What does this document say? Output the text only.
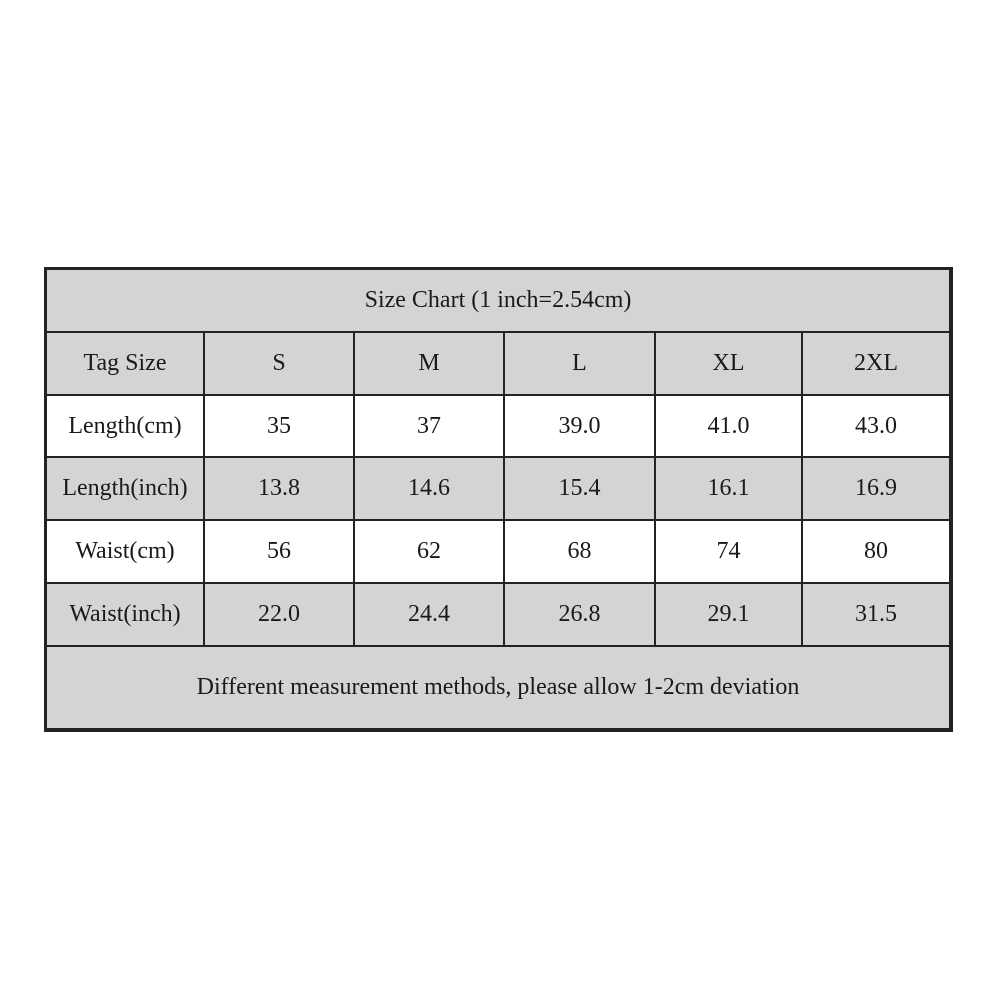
Size Chart (1 inch=2.54cm)					
Tag Size	S	M	L	XL	2XL
Length(cm)	35	37	39.0	41.0	43.0
Length(inch)	13.8	14.6	15.4	16.1	16.9
Waist(cm)	56	62	68	74	80
Waist(inch)	22.0	24.4	26.8	29.1	31.5
Different measurement methods, please allow 1-2cm deviation					
